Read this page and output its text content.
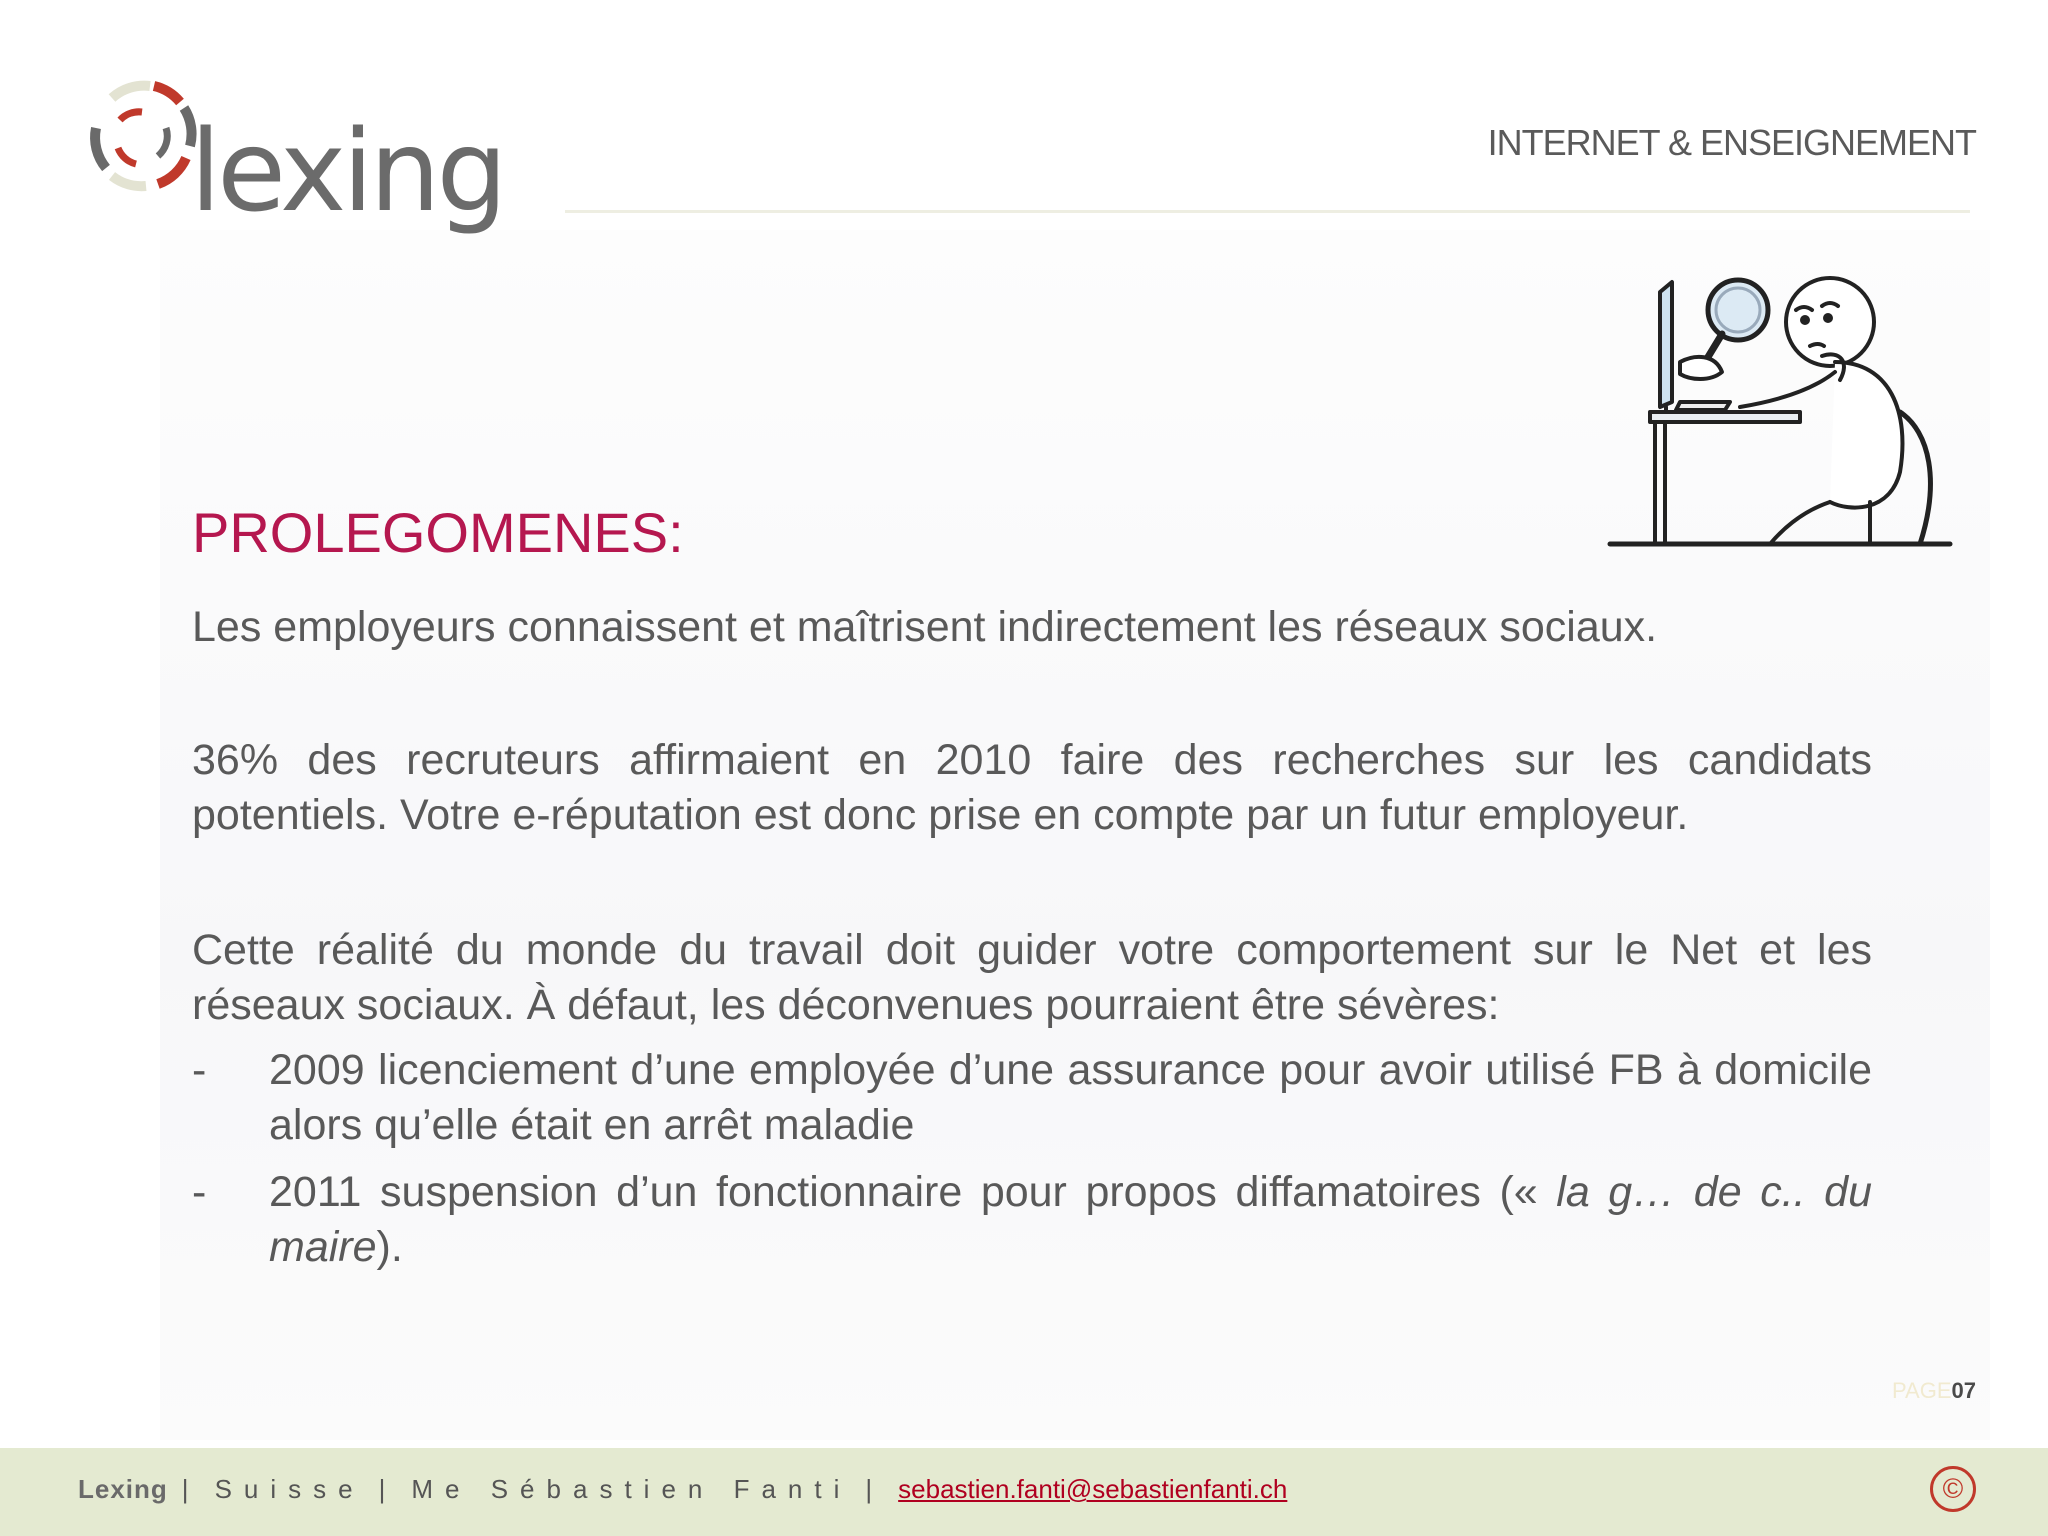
lexing	INTERNET & ENSEIGNEMENT
PROLEGOMENES:

Les employeurs connaissent et maîtrisent indirectement les réseaux sociaux.

36% des recruteurs affirmaient en 2010 faire des recherches sur les candidats potentiels. Votre e-réputation est donc prise en compte par un futur employeur.

Cette réalité du monde du travail doit guider votre comportement sur le Net et les réseaux sociaux. À défaut, les déconvenues pourraient être sévères:

- 2009 licenciement d’une employée d’une assurance pour avoir utilisé FB à domicile alors qu’elle était en arrêt maladie
- 2011 suspension d’un fonctionnaire pour propos diffamatoires (« la g… de c.. du maire).
PAGE07
Lexing | Suisse | Me Sébastien Fanti | sebastien.fanti@sebastienfanti.ch	©
